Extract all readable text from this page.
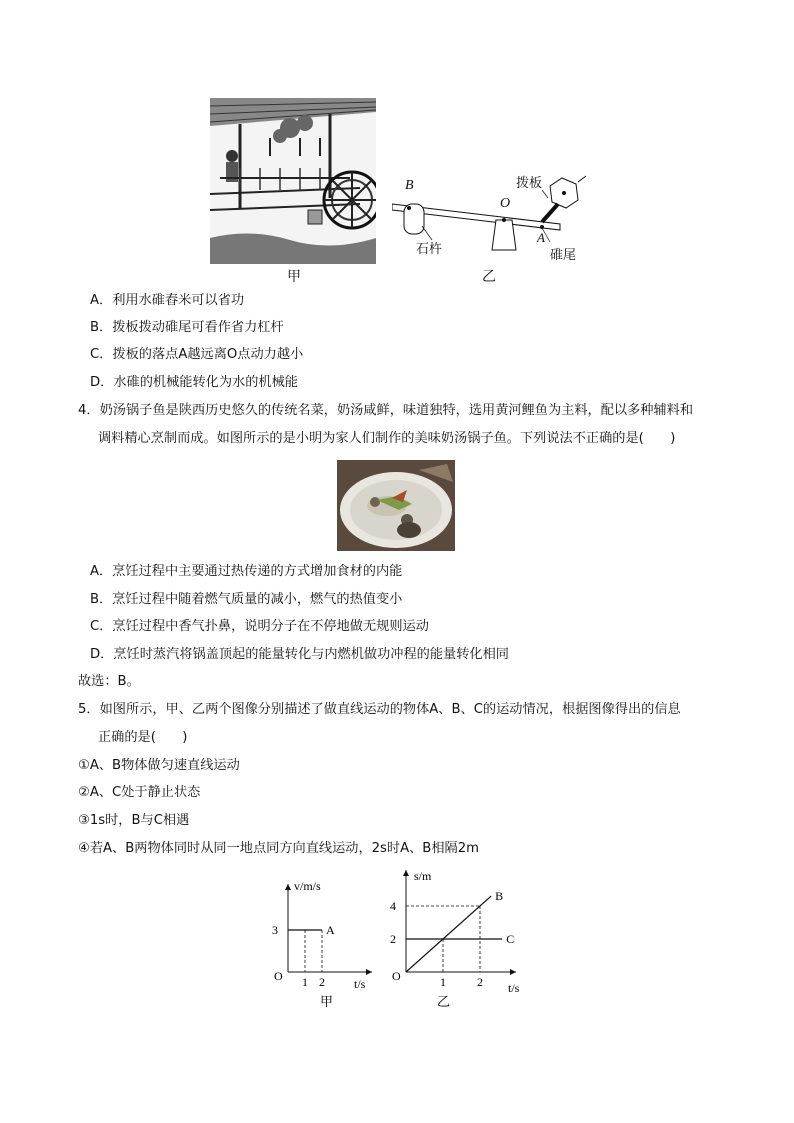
甲
B
O
A
拨板
石杵	碓尾
乙
A．利用水碓舂米可以省功
B．拨板拨动碓尾可看作省力杠杆
C．拨板的落点A越远离O点动力越小
D．水碓的机械能转化为水的机械能
4．奶汤锅子鱼是陕西历史悠久的传统名菜，奶汤咸鲜，味道独特，选用黄河鲤鱼为主料，配以多种辅料和
调料精心烹制而成。如图所示的是小明为家人们制作的美味奶汤锅子鱼。下列说法不正确的是(　　)
A．烹饪过程中主要通过热传递的方式增加食材的内能
B．烹饪过程中随着燃气质量的减小，燃气的热值变小
C．烹饪过程中香气扑鼻，说明分子在不停地做无规则运动
D．烹饪时蒸汽将锅盖顶起的能量转化与内燃机做功冲程的能量转化相同
故选：B。
5．如图所示，甲、乙两个图像分别描述了做直线运动的物体A、B、C的运动情况，根据图像得出的信息
正确的是(　　)
①A、B物体做匀速直线运动
②A、C处于静止状态
③1s时，B与C相遇
④若A、B两物体同时从同一地点同方向直线运动，2s时A、B相隔2m
v/m/s
t/s
O 1 2
3	A
甲
s/m
t/s
O	1	2
2
4
B
C
乙
